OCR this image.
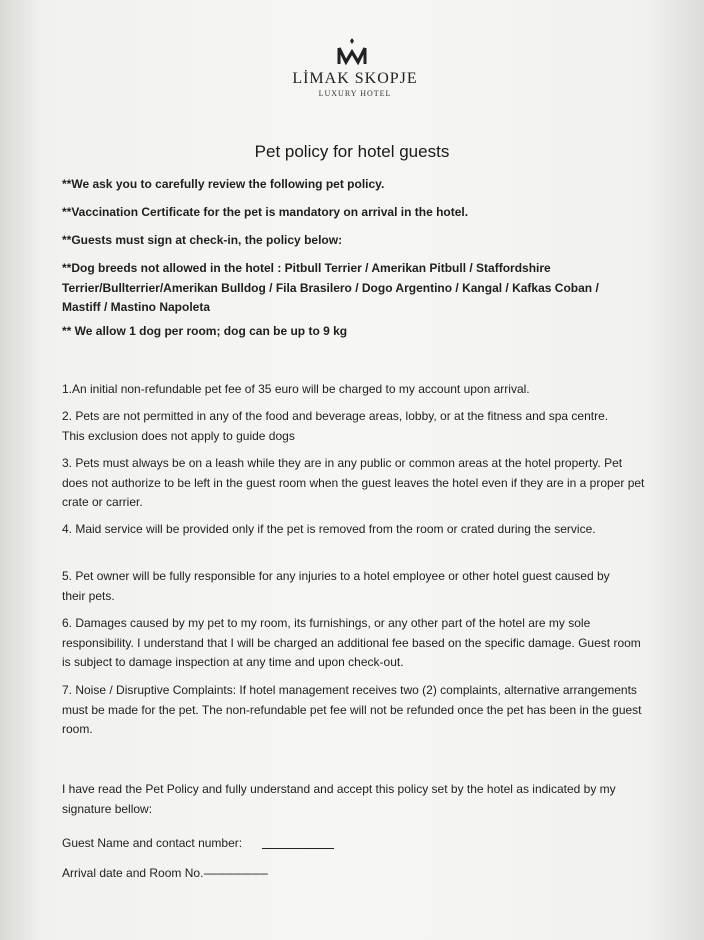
LİMAK SKOPJE
LUXURY HOTEL
Pet policy for hotel guests
**We ask you to carefully review the following pet policy.
**Vaccination Certificate for the pet is mandatory on arrival in the hotel.
**Guests must sign at check-in, the policy below:
**Dog breeds not allowed in the hotel : Pitbull Terrier / Amerikan Pitbull / Staffordshire Terrier/Bullterrier/Amerikan Bulldog / Fila Brasilero / Dogo Argentino / Kangal / Kafkas Coban / Mastiff / Mastino Napoleta
** We allow 1 dog per room; dog can be up to 9 kg
1.An initial non-refundable pet fee of 35 euro will be charged to my account upon arrival.
2. Pets are not permitted in any of the food and beverage areas, lobby, or at the fitness and spa centre. This exclusion does not apply to guide dogs
3. Pets must always be on a leash while they are in any public or common areas at the hotel property. Pet does not authorize to be left in the guest room when the guest leaves the hotel even if they are in a proper pet crate or carrier.
4. Maid service will be provided only if the pet is removed from the room or crated during the service.
5. Pet owner will be fully responsible for any injuries to a hotel employee or other hotel guest caused by their pets.
6. Damages caused by my pet to my room, its furnishings, or any other part of the hotel are my sole responsibility. I understand that I will be charged an additional fee based on the specific damage. Guest room is subject to damage inspection at any time and upon check-out.
7. Noise / Disruptive Complaints: If hotel management receives two (2) complaints, alternative arrangements must be made for the pet. The non-refundable pet fee will not be refunded once the pet has been in the guest room.
I have read the Pet Policy and fully understand and accept this policy set by the hotel as indicated by my signature bellow:
Guest Name and contact number:
Arrival date and Room No.------------------------
